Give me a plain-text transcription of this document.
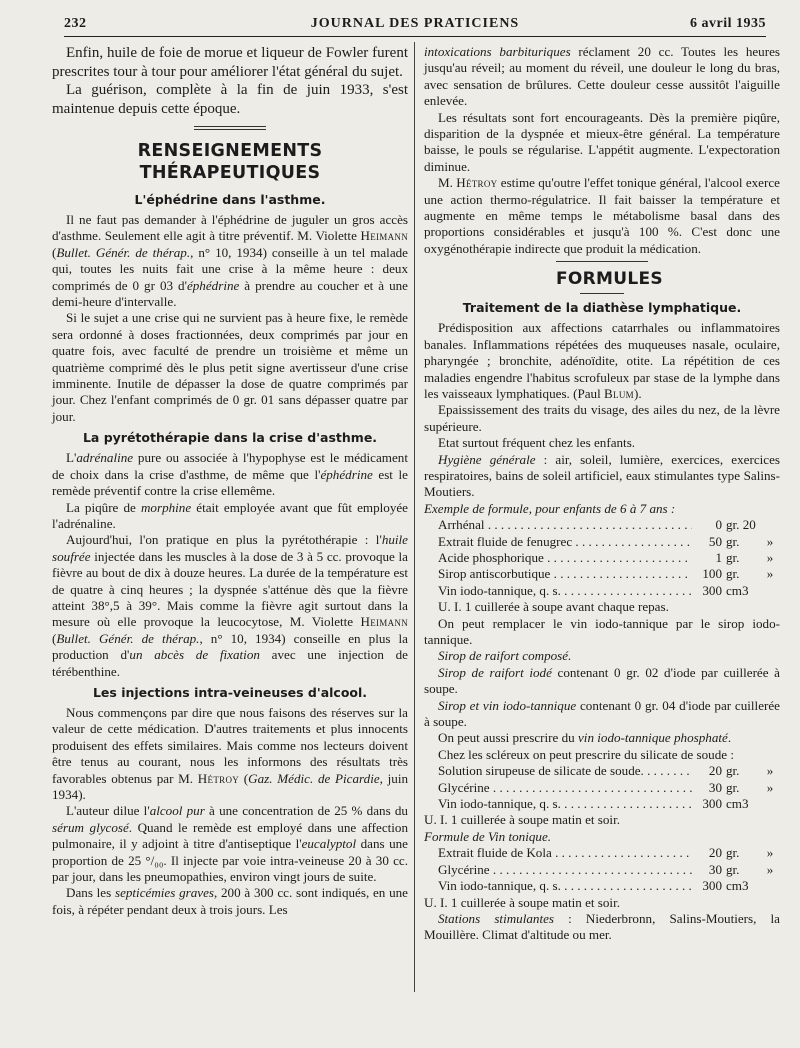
232	JOURNAL DES PRATICIENS	6 avril 1935

Enfin, huile de foie de morue et liqueur de Fowler furent prescrites tour à tour pour améliorer l'état général du sujet.

La guérison, complète à la fin de juin 1933, s'est maintenue depuis cette époque.

RENSEIGNEMENTS THÉRAPEUTIQUES
L'éphédrine dans l'asthme.

Il ne faut pas demander à l'éphédrine de juguler un gros accès d'asthme. Seulement elle agit à titre préventif. M. Violette Heimann (Bullet. Génér. de thérap., n° 10, 1934) conseille à un tel malade qui, toutes les nuits fait une crise à la même heure : deux comprimés de 0 gr 03 d'éphédrine à prendre au coucher et à une demi-heure d'intervalle.

Si le sujet a une crise qui ne survient pas à heure fixe, le remède sera ordonné à doses fractionnées, deux comprimés par jour en quatre fois, avec faculté de prendre un troisième et même un quatrième comprimé dès le plus petit signe avertisseur d'une crise imminente. Inutile de dépasser la dose de quatre comprimés par jour. Chez l'enfant comprimés de 0 gr. 01 sans dépasser quatre par jour.

La pyrétothérapie dans la crise d'asthme.

L'adrénaline pure ou associée à l'hypophyse est le médicament de choix dans la crise d'asthme, de même que l'éphédrine est le remède préventif contre la crise ellemême.

La piqûre de morphine était employée avant que fût employée l'adrénaline.

Aujourd'hui, l'on pratique en plus la pyrétothérapie : l'huile soufrée injectée dans les muscles à la dose de 3 à 5 cc. provoque la fièvre au bout de dix à douze heures. La durée de la température est de quatre à cinq heures ; la dyspnée s'atténue dès que la fièvre atteint 38°,5 à 39°. Mais comme la fièvre agit surtout dans la mesure où elle provoque la leucocytose, M. Violette Heimann (Bullet. Génér. de thérap., n° 10, 1934) conseille en plus la production d'un abcès de fixation avec une injection de térébenthine.

Les injections intra-veineuses d'alcool.

Nous commençons par dire que nous faisons des réserves sur la valeur de cette médication. D'autres traitements et plus innocents produisent des effets similaires. Mais comme nos lecteurs doivent être tenus au courant, nous les informons des résultats très favorables obtenus par M. Hétroy (Gaz. Médic. de Picardie, juin 1934).

L'auteur dilue l'alcool pur à une concentration de 25 % dans du sérum glycosé. Quand le remède est employé dans une affection pulmonaire, il y adjoint à titre d'antiseptique l'eucalyptol dans une proportion de 25 °/₀₀. Il injecte par voie intra-veineuse 20 à 30 cc. par jour, dans les pneumopathies, environ vingt jours de suite.

Dans les septicémies graves, 200 à 300 cc. sont indiqués, en une fois, à répéter pendant deux à trois jours. Les

intoxications barbituriques réclament 20 cc. Toutes les heures jusqu'au réveil; au moment du réveil, une douleur le long du bras, avec sensation de brûlures. Cette douleur cesse aussitôt l'aiguille enlevée.

Les résultats sont fort encourageants. Dès la première piqûre, disparition de la dyspnée et mieux-être général. La température baisse, le pouls se régularise. L'appétit augmente. L'expectoration diminue.

M. Hétroy estime qu'outre l'effet tonique général, l'alcool exerce une action thermo-régulatrice. Il fait baisser la température et augmente en même temps le métabolisme basal dans des proportions considérables et jusqu'à 100 %. C'est donc une oxygénothérapie indirecte que produit la médication.

FORMULES
Traitement de la diathèse lymphatique.

Prédisposition aux affections catarrhales ou inflammatoires banales. Inflammations répétées des muqueuses nasale, oculaire, pharyngée ; bronchite, adénoïdite, otite. La répétition de ces maladies engendre l'habitus scrofuleux par stase de la lymphe dans les vaisseaux lymphatiques. (Paul Blum).

Epaississement des traits du visage, des ailes du nez, de la lèvre supérieure.

Etat surtout fréquent chez les enfants.

Hygiène générale : air, soleil, lumière, exercices, exercices respiratoires, bains de soleil artificiel, eaux stimulantes type Salins-Moutiers.

Exemple de formule, pour enfants de 6 à 7 ans :

Arrhénal . . .	0 gr. 20
Extrait fluide de fenugrec . . .	50 gr.	»
Acide phosphorique . . .	1 gr.	»
Sirop antiscorbutique . . .	100 gr.	»
Vin iodo-tannique, q. s. . . .	300 cm3

U. I. 1 cuillerée à soupe avant chaque repas.

On peut remplacer le vin iodo-tannique par le sirop iodo-tannique.

Sirop de raifort composé.

Sirop de raifort iodé contenant 0 gr. 02 d'iode par cuillerée à soupe.

Sirop et vin iodo-tannique contenant 0 gr. 04 d'iode par cuillerée à soupe.

On peut aussi prescrire du vin iodo-tannique phosphaté.

Chez les scléreux on peut prescrire du silicate de soude :

Solution sirupeuse de silicate de soude. . . .	20 gr.	»
Glycérine . . .	30 gr.	»
Vin iodo-tannique, q. s. . . .	300 cm3

U. I. 1 cuillerée à soupe matin et soir.

Formule de Vin tonique.

Extrait fluide de Kola . . .	20 gr.	»
Glycérine . . .	30 gr.	»
Vin iodo-tannique, q. s. . . .	300 cm3

U. I. 1 cuillerée à soupe matin et soir.

Stations stimulantes : Niederbronn, Salins-Moutiers, la Mouillère. Climat d'altitude ou mer.
